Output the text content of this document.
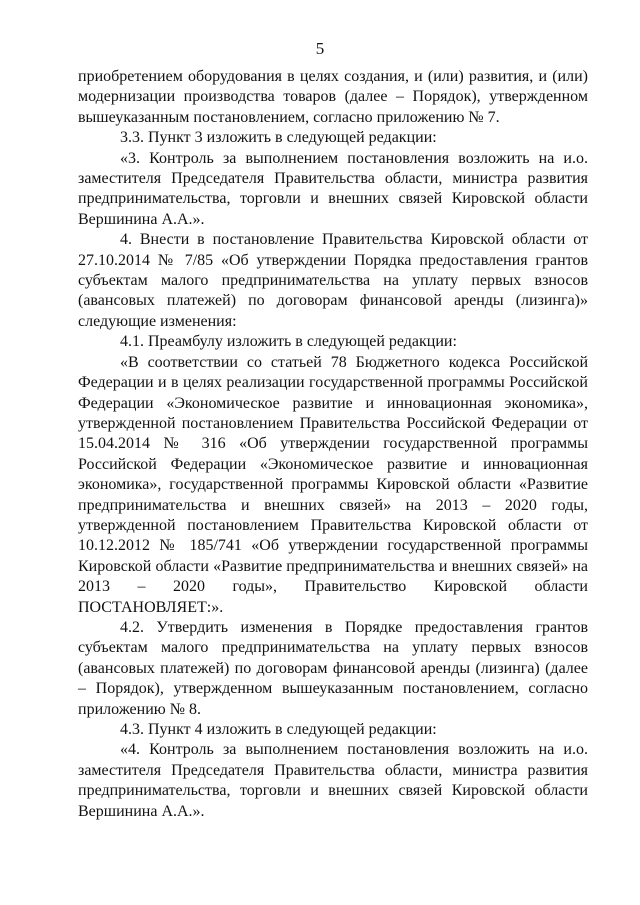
5

приобретением оборудования в целях создания, и (или) развития, и (или) модернизации производства товаров (далее – Порядок), утвержденном вышеуказанным постановлением, согласно приложению № 7.

3.3. Пункт 3 изложить в следующей редакции:

«3. Контроль за выполнением постановления возложить на и.о. заместителя Председателя Правительства области, министра развития предпринимательства, торговли и внешних связей Кировской области Вершинина А.А.».

4. Внести в постановление Правительства Кировской области от 27.10.2014 № 7/85 «Об утверждении Порядка предоставления грантов субъектам малого предпринимательства на уплату первых взносов (авансовых платежей) по договорам финансовой аренды (лизинга)» следующие изменения:

4.1. Преамбулу изложить в следующей редакции:

«В соответствии со статьей 78 Бюджетного кодекса Российской Федерации и в целях реализации государственной программы Российской Федерации «Экономическое развитие и инновационная экономика», утвержденной постановлением Правительства Российской Федерации от 15.04.2014 № 316 «Об утверждении государственной программы Российской Федерации «Экономическое развитие и инновационная экономика», государственной программы Кировской области «Развитие предпринимательства и внешних связей» на 2013 – 2020 годы, утвержденной постановлением Правительства Кировской области от 10.12.2012 № 185/741 «Об утверждении государственной программы Кировской области «Развитие предпринимательства и внешних связей» на 2013 – 2020 годы», Правительство Кировской области ПОСТАНОВЛЯЕТ:».

4.2. Утвердить изменения в Порядке предоставления грантов субъектам малого предпринимательства на уплату первых взносов (авансовых платежей) по договорам финансовой аренды (лизинга) (далее – Порядок), утвержденном вышеуказанным постановлением, согласно приложению № 8.

4.3. Пункт 4 изложить в следующей редакции:

«4. Контроль за выполнением постановления возложить на и.о. заместителя Председателя Правительства области, министра развития предпринимательства, торговли и внешних связей Кировской области Вершинина А.А.».
